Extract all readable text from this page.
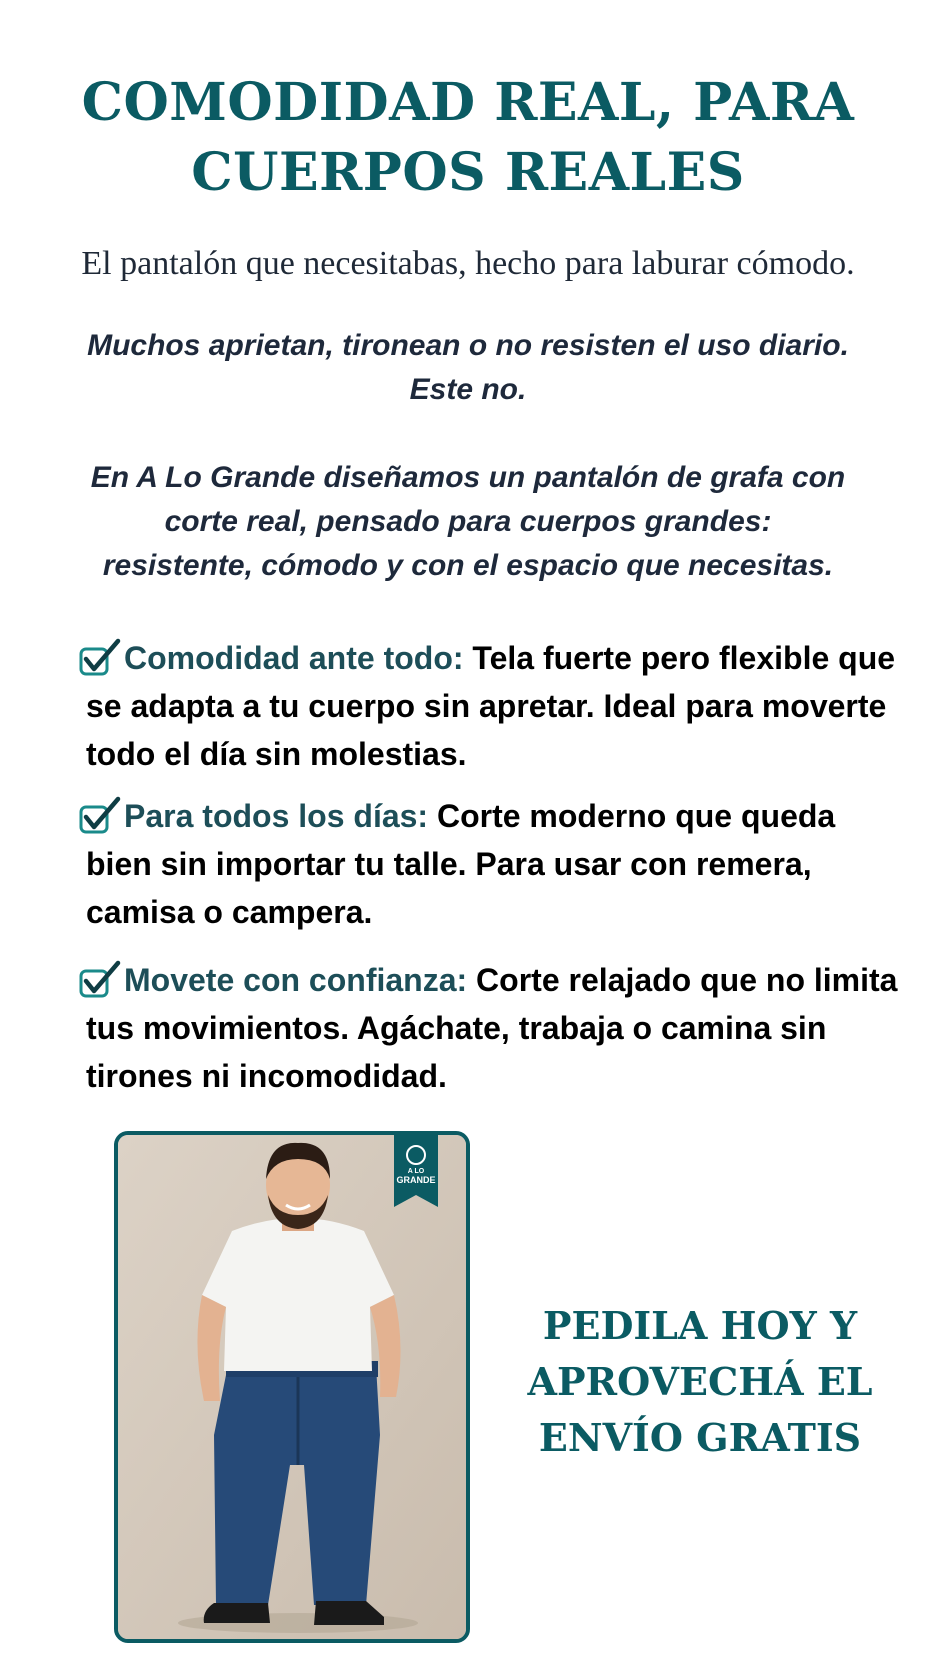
COMODIDAD REAL, PARA
CUERPOS REALES
El pantalón que necesitabas, hecho para laburar cómodo.

Muchos aprietan, tironean o no resisten el uso diario.

Este no.

En A Lo Grande diseñamos un pantalón de grafa con

corte real, pensado para cuerpos grandes:

resistente, cómodo y con el espacio que necesitas.

Comodidad ante todo: Tela fuerte pero flexible que se adapta a tu cuerpo sin apretar. Ideal para moverte todo el día sin molestias.

Para todos los días: Corte moderno que queda bien sin importar tu talle. Para usar con remera, camisa o campera.

Movete con confianza: Corte relajado que no limita tus movimientos. Agáchate, trabaja o camina sin tirones ni incomodidad.

A LO
GRANDE

PEDILA HOY Y

APROVECHÁ EL

ENVÍO GRATIS
